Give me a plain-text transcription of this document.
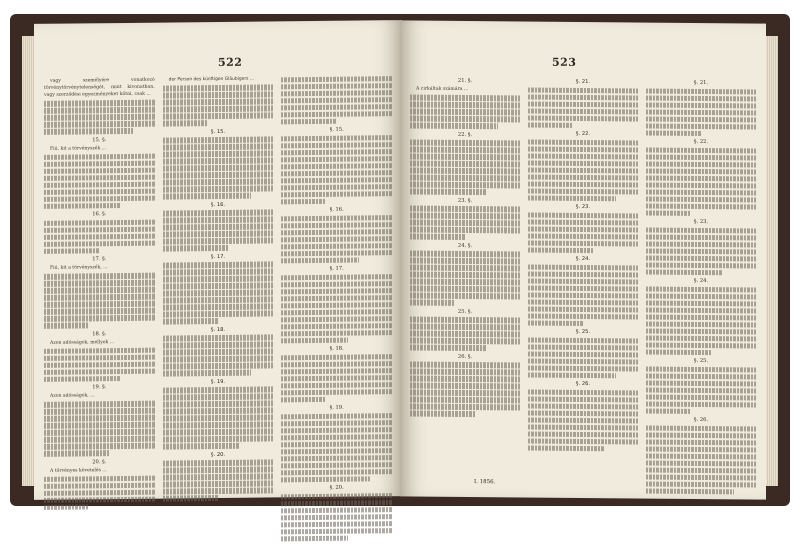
522
vagy személyére vonatkozó törvénytörvénytelenségét, mint kivonatban, vagy szerződési egyezményeket kötni, csak ...
15. §.
Fiú, kit a törvényszék ...
16. §.
17. §.
Fiú, kit a törvényszék, ...
18. §.
Azon adósságok, mellyek ...
19. §.
Azon adósságok, ...
20. §.
A törvényes követelés ...
der Person des künftigen Gläubigers ...
§. 15.
§. 16.
§. 17.
§. 18.
§. 19.
§. 20.
§. 15.
§. 16.
§. 17.
§. 18.
§. 19.
§. 20.
523
21. §.
A cirkáltak számára ...
22. §.
23. §.
24. §.
25. §.
26. §.
§. 21.
§. 22.
§. 23.
§. 24.
§. 25.
§. 26.
§. 21.
§. 22.
§. 23.
§. 24.
§. 25.
§. 26.
I. 1856.
